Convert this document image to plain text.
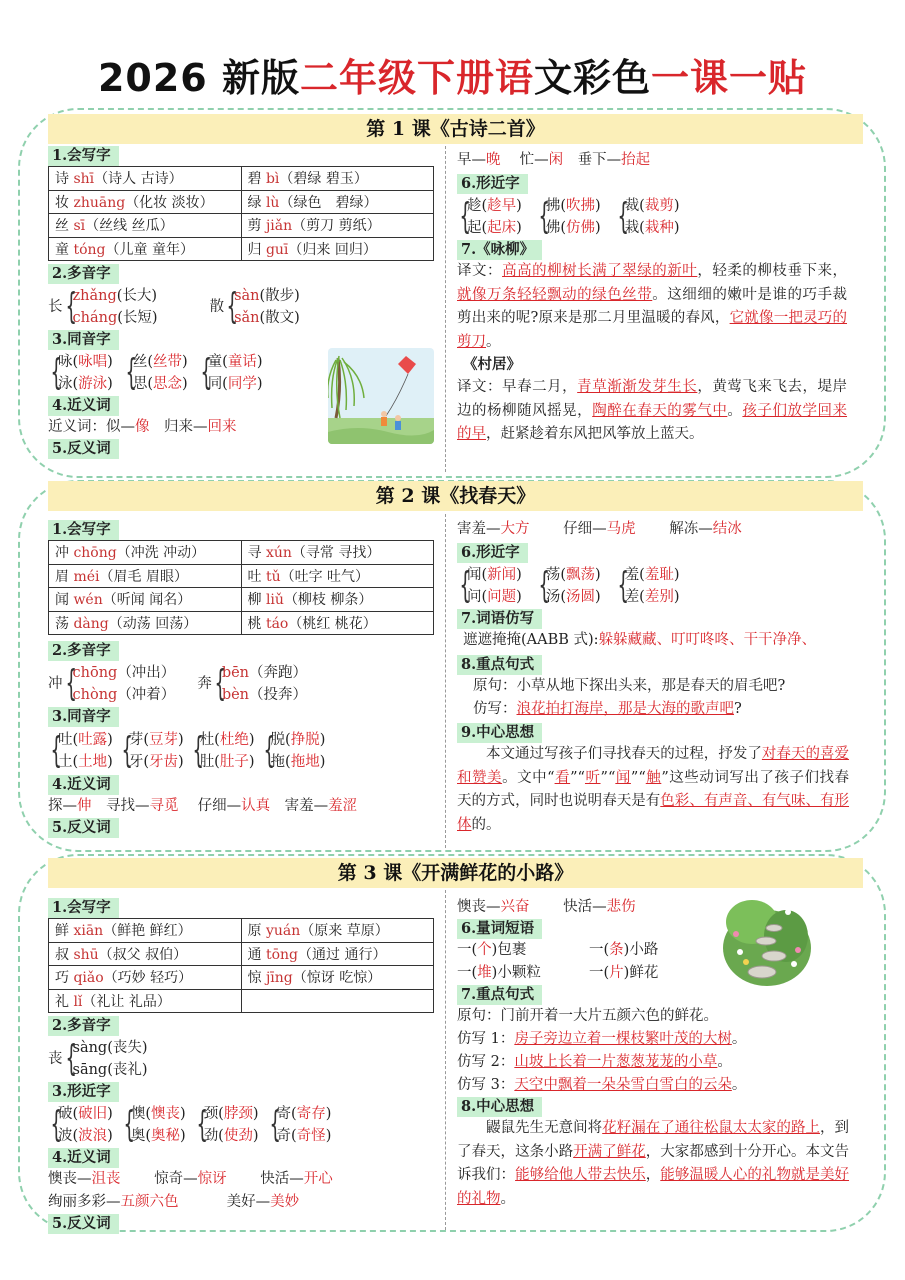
2026 新版二年级下册语文彩色一课一贴
第 1 课《古诗二首》
1.会写字
诗 shī（诗人 古诗）	碧 bì（碧绿 碧玉）
妆 zhuāng（化妆 淡妆）	绿 lù（绿色　碧绿）
丝 sī（丝线 丝瓜）	剪 jiǎn（剪刀 剪纸）
童 tóng（儿童 童年）	归 guī（归来 回归）
2.多音字
长 {
zhǎng(长大)
cháng(长短)
散 {
sàn(散步)
sǎn(散文)
3.同音字
{
咏(咏唱)
泳(游泳) {
丝(丝带)
思(思念) {
童(童话)
同(同学)
4.近义词
近义词：似—像　归来—回来
5.反义词
早—晚　 忙—闲　垂下—抬起
6.形近字
{
趁(趁早)
起(起床) {
拂(吹拂)
佛(仿佛) {
裁(裁剪)
栽(栽种)
7.《咏柳》
译文：高高的柳树长满了翠绿的新叶，轻柔的柳枝垂下来，就像万条轻轻飘动的绿色丝带。这细细的嫩叶是谁的巧手裁剪出来的呢?原来是那二月里温暖的春风，它就像一把灵巧的剪刀。
《村居》
译文：早春二月，青草渐渐发芽生长，黄莺飞来飞去，堤岸边的杨柳随风摇晃，陶醉在春天的雾气中。孩子们放学回来的早，赶紧趁着东风把风筝放上蓝天。
第 2 课《找春天》
1.会写字
冲 chōng（冲洗 冲动）	寻 xún（寻常 寻找）
眉 méi（眉毛 眉眼）	吐 tǔ（吐字 吐气）
闻 wén（听闻 闻名）	柳 liǔ（柳枝 柳条）
荡 dàng（动荡 回荡）	桃 táo（桃红 桃花）
2.多音字
冲 {
chōng（冲出）
chòng（冲着）
奔 {
bēn（奔跑）
bèn（投奔）
3.同音字
{
吐(吐露)
土(土地) {
芽(豆芽)
牙(牙齿) {
杜(杜绝)
肚(肚子) {
脱(挣脱)
拖(拖地)
4.近义词
探—伸　寻找—寻觅　 仔细—认真　害羞—羞涩
5.反义词
害羞—大方　　 仔细—马虎　　 解冻—结冰
6.形近字
{
闻(新闻)
问(问题) {
荡(飘荡)
汤(汤圆) {
羞(羞耻)
差(差别)
7.词语仿写
遮遮掩掩(AABB 式):躲躲藏藏、叮叮咚咚、干干净净、
8.重点句式
原句：小草从地下探出头来，那是春天的眉毛吧?
仿写：浪花拍打海岸，那是大海的歌声吧?
9.中心思想
本文通过写孩子们寻找春天的过程，抒发了对春天的喜爱和赞美。文中“看”“听”“闻”“触”这些动词写出了孩子们找春天的方式，同时也说明春天是有色彩、有声音、有气味、有形体的。
第 3 课《开满鲜花的小路》
1.会写字
鲜 xiān（鲜艳 鲜红）	原 yuán（原来 草原）
叔 shū（叔父 叔伯）	通 tōng（通过 通行）
巧 qiǎo（巧妙 轻巧）	惊 jīng（惊讶 吃惊）
礼 lǐ（礼让 礼品）	
2.多音字
丧 {
sàng(丧失)
sāng(丧礼)
3.形近字
{
破(破旧)
波(波浪) {
懊(懊丧)
奥(奥秘) {
颈(脖颈)
劲(使劲) {
寄(寄存)
奇(奇怪)
4.近义词
懊丧—沮丧　　 惊奇—惊讶　　 快活—开心
绚丽多彩—五颜六色　　　 美好—美妙
5.反义词
懊丧—兴奋　　 快活—悲伤
6.量词短语
一(个)包裹	一(条)小路
一(堆)小颗粒	一(片)鲜花
7.重点句式
原句：门前开着一大片五颜六色的鲜花。
仿写 1：房子旁边立着一棵枝繁叶茂的大树。
仿写 2：山坡上长着一片葱葱茏茏的小草。
仿写 3：天空中飘着一朵朵雪白雪白的云朵。
8.中心思想
鼹鼠先生无意间将花籽漏在了通往松鼠太太家的路上，到了春天，这条小路开满了鲜花，大家都感到十分开心。本文告诉我们：能够给他人带去快乐，能够温暖人心的礼物就是美好的礼物。
